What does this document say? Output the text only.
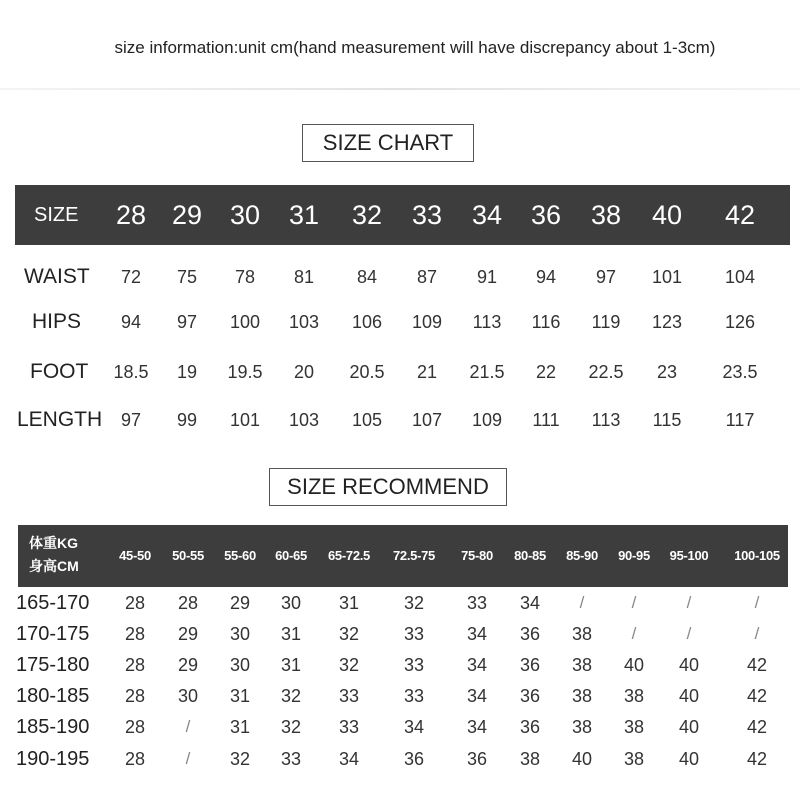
size information:unit cm(hand measurement will have discrepancy about 1-3cm)
SIZE CHART
SIZE 28 29 30 31 32 33 34 36 38 40 42
WAIST 72 75 78 81 84 87 91 94 97 101 104
HIPS 94 97 100 103 106 109 113 116 119 123 126
FOOT 18.5 19 19.5 20 20.5 21 21.5 22 22.5 23	23.5
LENGTH 97 99 101 103 105 107 109 111 113 115 117
SIZE RECOMMEND
体重KG
身高CM
45-50 50-55 55-60 60-65 65-72.5 72.5-75 75-80 80-85 85-90 90-95 95-100 100-105
165-170 28 28 29 30 31 32 33 34 /	/	/	/
170-175 28 29 30 31 32 33 34 36 38 /	/	/
175-180 28 29 30 31 32 33 34 36 38 40 40	42
180-185 28 30 31 32 33 33 34 36 38 38 40	42
185-190 28 / 31 32 33 34 34 36 38 38 40	42
190-195 28 / 32 33 34 36 36 38 40 38 40	42
